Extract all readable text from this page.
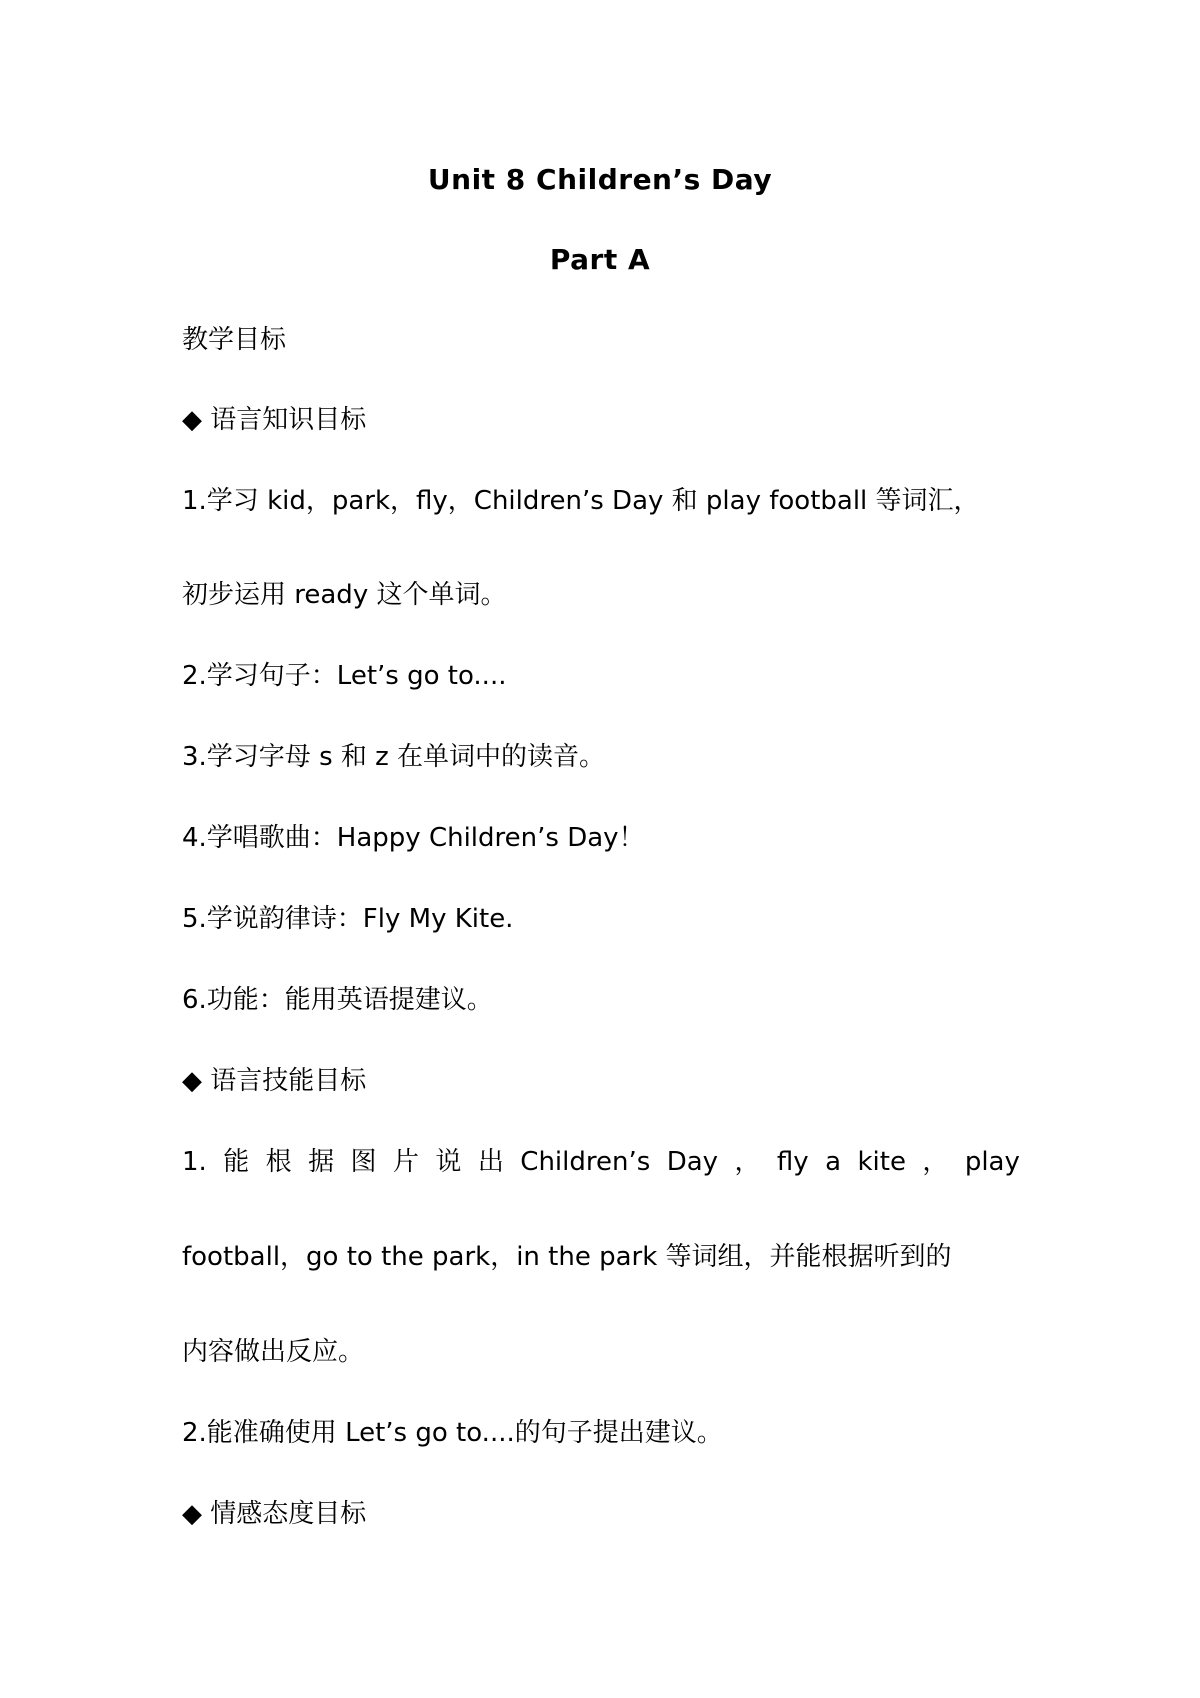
Unit 8 Children’s Day
Part A
教学目标
◆ 语言知识目标
1.学习 kid，park，fly，Children’s Day 和 play football 等词汇，
初步运用 ready 这个单词。
2.学习句子：Let’s go to....
3.学习字母 s 和 z 在单词中的读音。
4.学唱歌曲：Happy Children’s Day！
5.学说韵律诗：Fly My Kite.
6.功能：能用英语提建议。
◆ 语言技能目标
1. 能 根 据 图 片 说 出 Children’s Day ， fly a kite ， play
football，go to the park，in the park 等词组，并能根据听到的
内容做出反应。
2.能准确使用 Let’s go to....的句子提出建议。
◆ 情感态度目标
